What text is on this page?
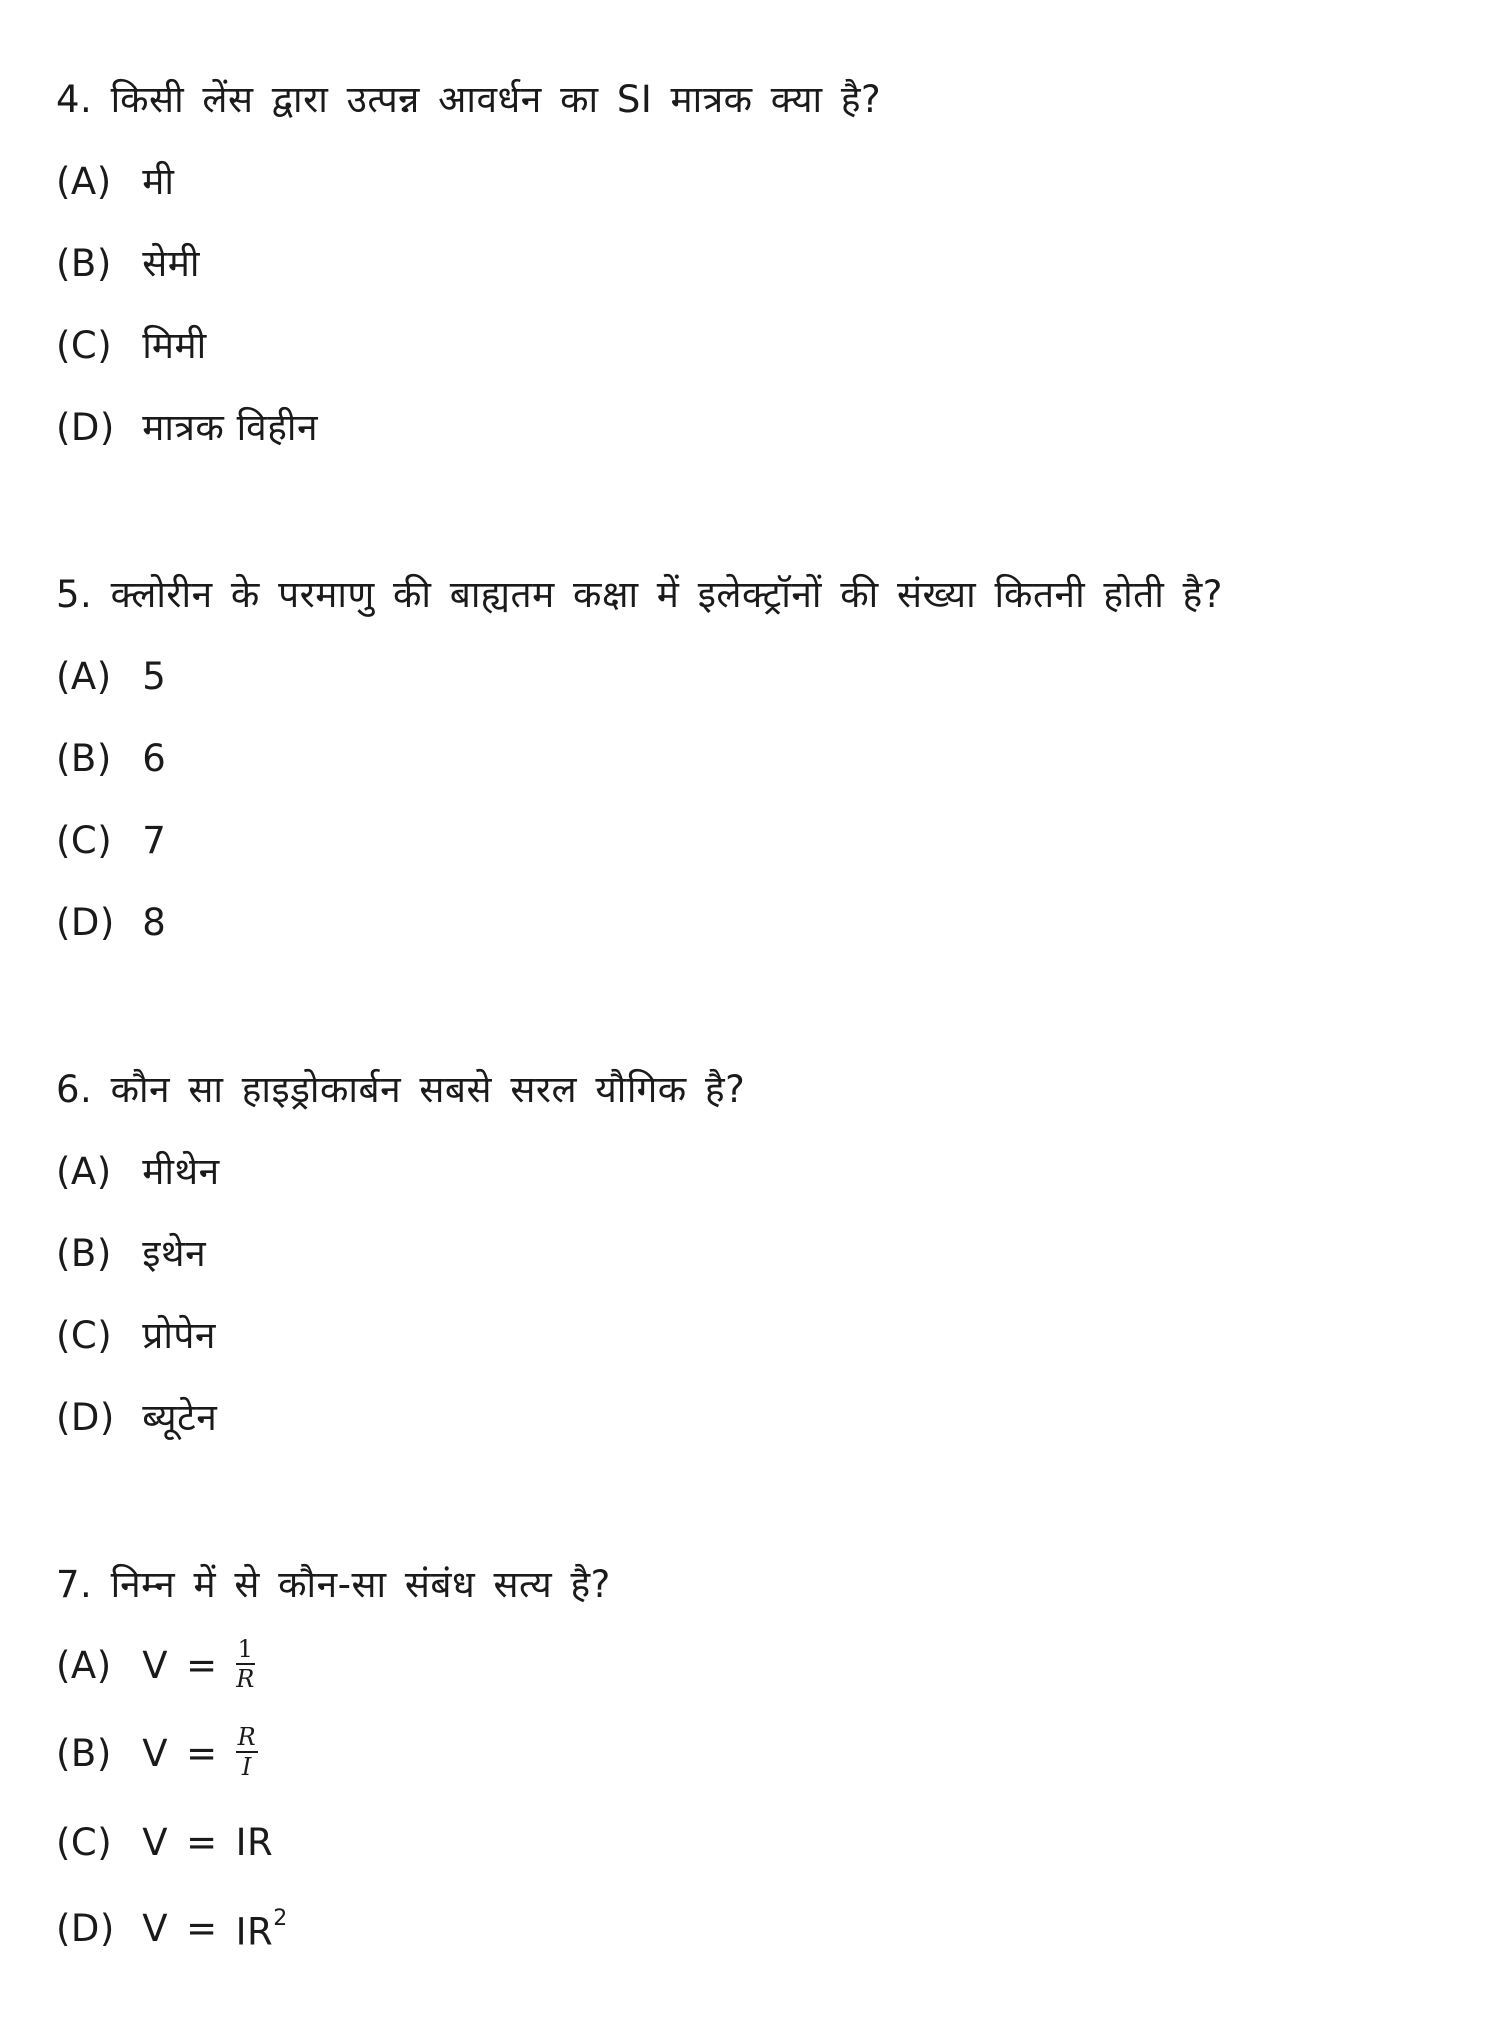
4. किसी लेंस द्वारा उत्पन्न आवर्धन का SI मात्रक क्या है?
(A) मी
(B) सेमी
(C) मिमी
(D) मात्रक विहीन
5. क्लोरीन के परमाणु की बाह्यतम कक्षा में इलेक्ट्रॉनों की संख्या कितनी होती है?
(A) 5
(B) 6
(C) 7
(D) 8
6. कौन सा हाइड्रोकार्बन सबसे सरल यौगिक है?
(A) मीथेन
(B) इथेन
(C) प्रोपेन
(D) ब्यूटेन
7. निम्न में से कौन-सा संबंध सत्य है?
(A) $V = \frac{1}{R}$
(B) $V = \frac{R}{I}$
(C) V = IR
(D) $V = IR^2$
